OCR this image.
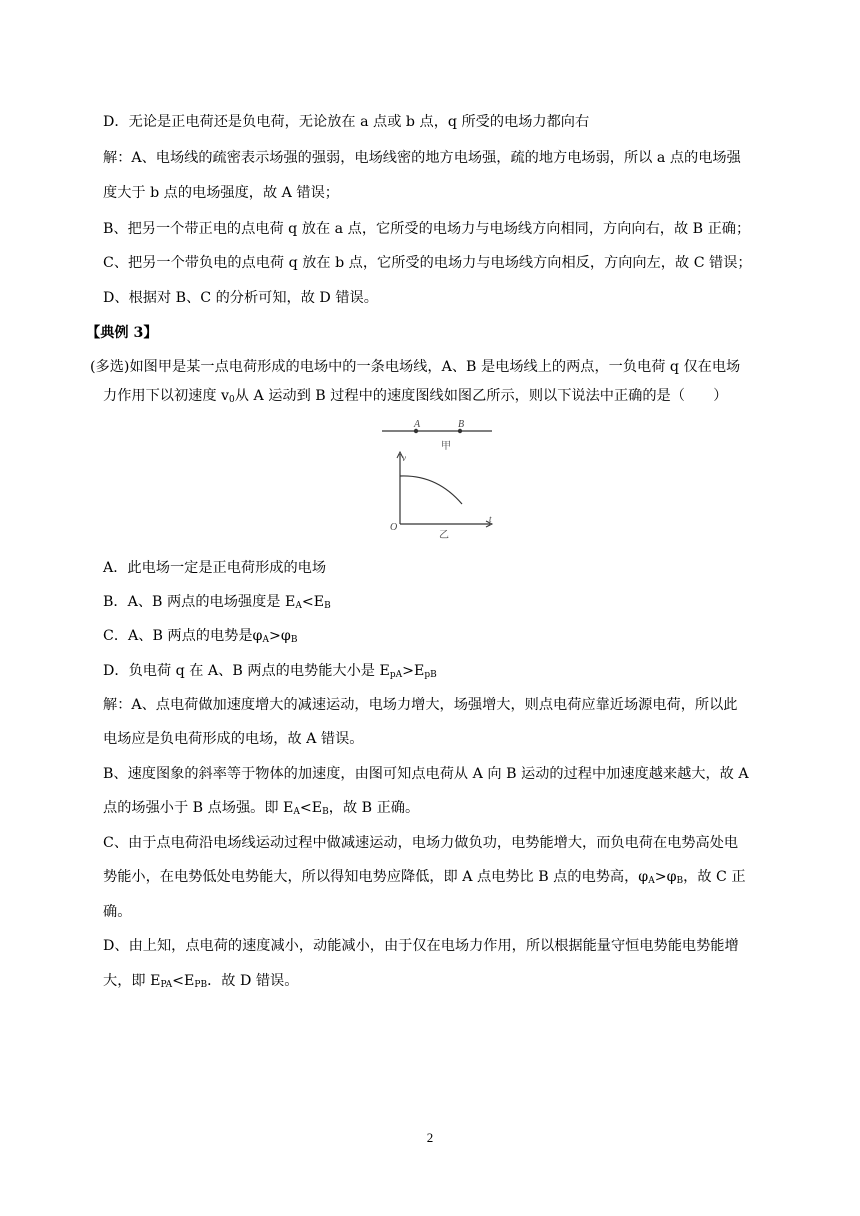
D．无论是正电荷还是负电荷，无论放在 a 点或 b 点，q 所受的电场力都向右
解：A、电场线的疏密表示场强的强弱，电场线密的地方电场强，疏的地方电场弱，所以 a 点的电场强
度大于 b 点的电场强度，故 A 错误；
B、把另一个带正电的点电荷 q 放在 a 点，它所受的电场力与电场线方向相同，方向向右，故 B 正确；
C、把另一个带负电的点电荷 q 放在 b 点，它所受的电场力与电场线方向相反，方向向左，故 C 错误；
D、根据对 B、C 的分析可知，故 D 错误。
【典例 3】
(多选)如图甲是某一点电荷形成的电场中的一条电场线，A、B 是电场线上的两点，一负电荷 q 仅在电场
力作用下以初速度 $v_0$从 A 运动到 B 过程中的速度图线如图乙所示，则以下说法中正确的是（　　）
A	B
甲
v
t
O
乙
A．此电场一定是正电荷形成的电场
B．A、B 两点的电场强度是 $E_A<E_B$
C．A、B 两点的电势是$\varphi_A>\varphi_B$
D．负电荷 q 在 A、B 两点的电势能大小是 $E_{pA}>E_{pB}$
解：A、点电荷做加速度增大的减速运动，电场力增大，场强增大，则点电荷应靠近场源电荷，所以此
电场应是负电荷形成的电场，故 A 错误。
B、速度图象的斜率等于物体的加速度，由图可知点电荷从 A 向 B 运动的过程中加速度越来越大，故 A
点的场强小于 B 点场强。即 $E_A<E_B$，故 B 正确。
C、由于点电荷沿电场线运动过程中做减速运动，电场力做负功，电势能增大，而负电荷在电势高处电
势能小，在电势低处电势能大，所以得知电势应降低，即 A 点电势比 B 点的电势高，$\varphi_A>\varphi_B$，故 C 正
确。
D、由上知，点电荷的速度减小，动能减小，由于仅在电场力作用，所以根据能量守恒电势能电势能增
大，即 $E_{PA}<E_{PB}$．故 D 错误。
2
